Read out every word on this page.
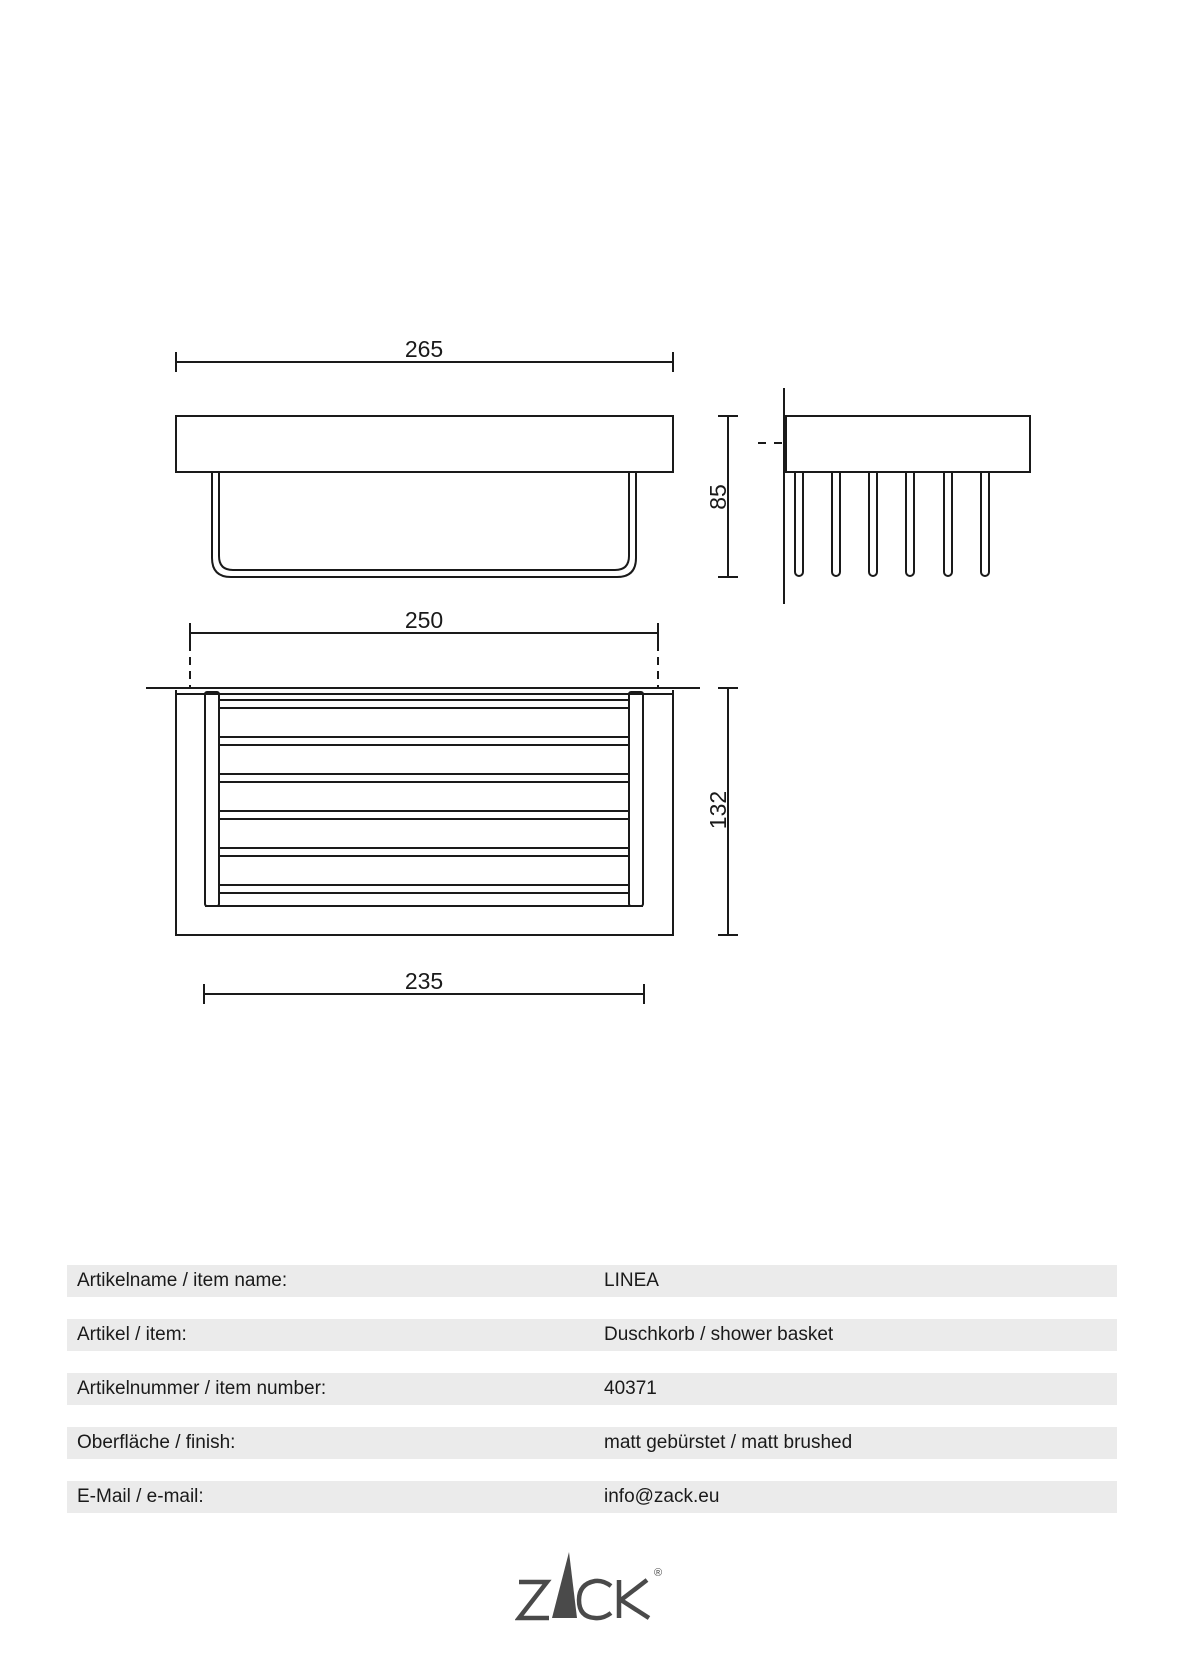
265
85
250
132
235
Artikelname / item name:	LINEA
Artikel / item:	Duschkorb / shower basket
Artikelnummer / item number:	40371
Oberfläche / finish:	matt gebürstet / matt brushed
E-Mail / e-mail:	info@zack.eu
®
